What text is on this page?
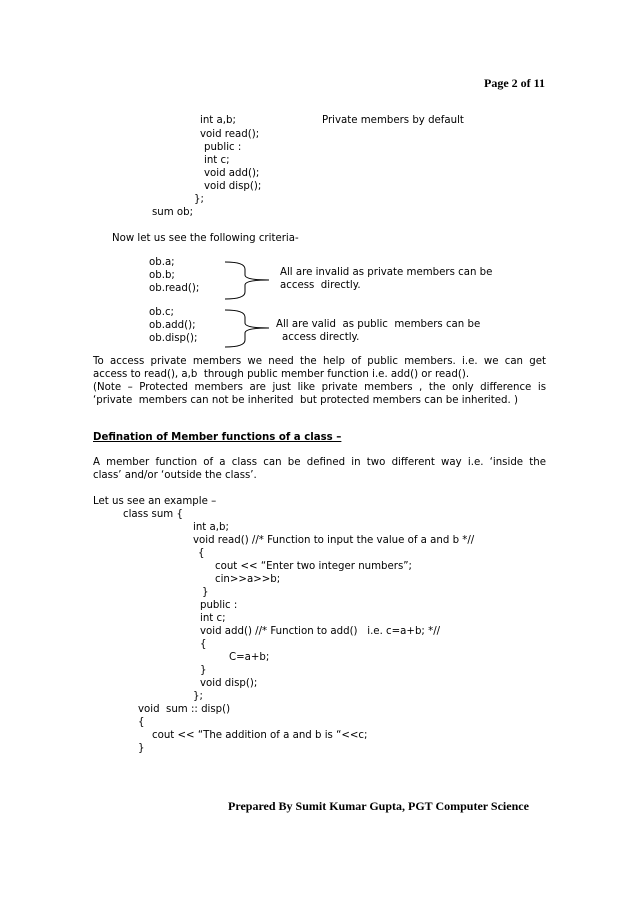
Page 2 of 11
int a,b;	Private members by default
void read();
public :
int c;
void add();
void disp();
};
sum ob;
Now let us see the following criteria-
ob.a;
ob.b;
ob.read();
All are invalid as private members can be
access  directly.
ob.c;
ob.add();
ob.disp();
All are valid  as public  members can be
access directly.
To access private members we need the help of public members. i.e. we can get
access to read(), a,b  through public member function i.e. add() or read().
(Note – Protected members are just like private members , the only difference is
‘private  members can not be inherited  but protected members can be inherited. )
Defination of Member functions of a class –
A member function of a class can be defined in two different way i.e. ‘inside the
class’ and/or ‘outside the class’.
Let us see an example –
class sum {
int a,b;
void read() //* Function to input the value of a and b *//
{
cout << “Enter two integer numbers”;
cin>>a>>b;
}
public :
int c;
void add() //* Function to add()   i.e. c=a+b; *//
{
C=a+b;
}
void disp();
};
void  sum :: disp()
{
cout << “The addition of a and b is “<<c;
}
Prepared By Sumit Kumar Gupta, PGT Computer Science
